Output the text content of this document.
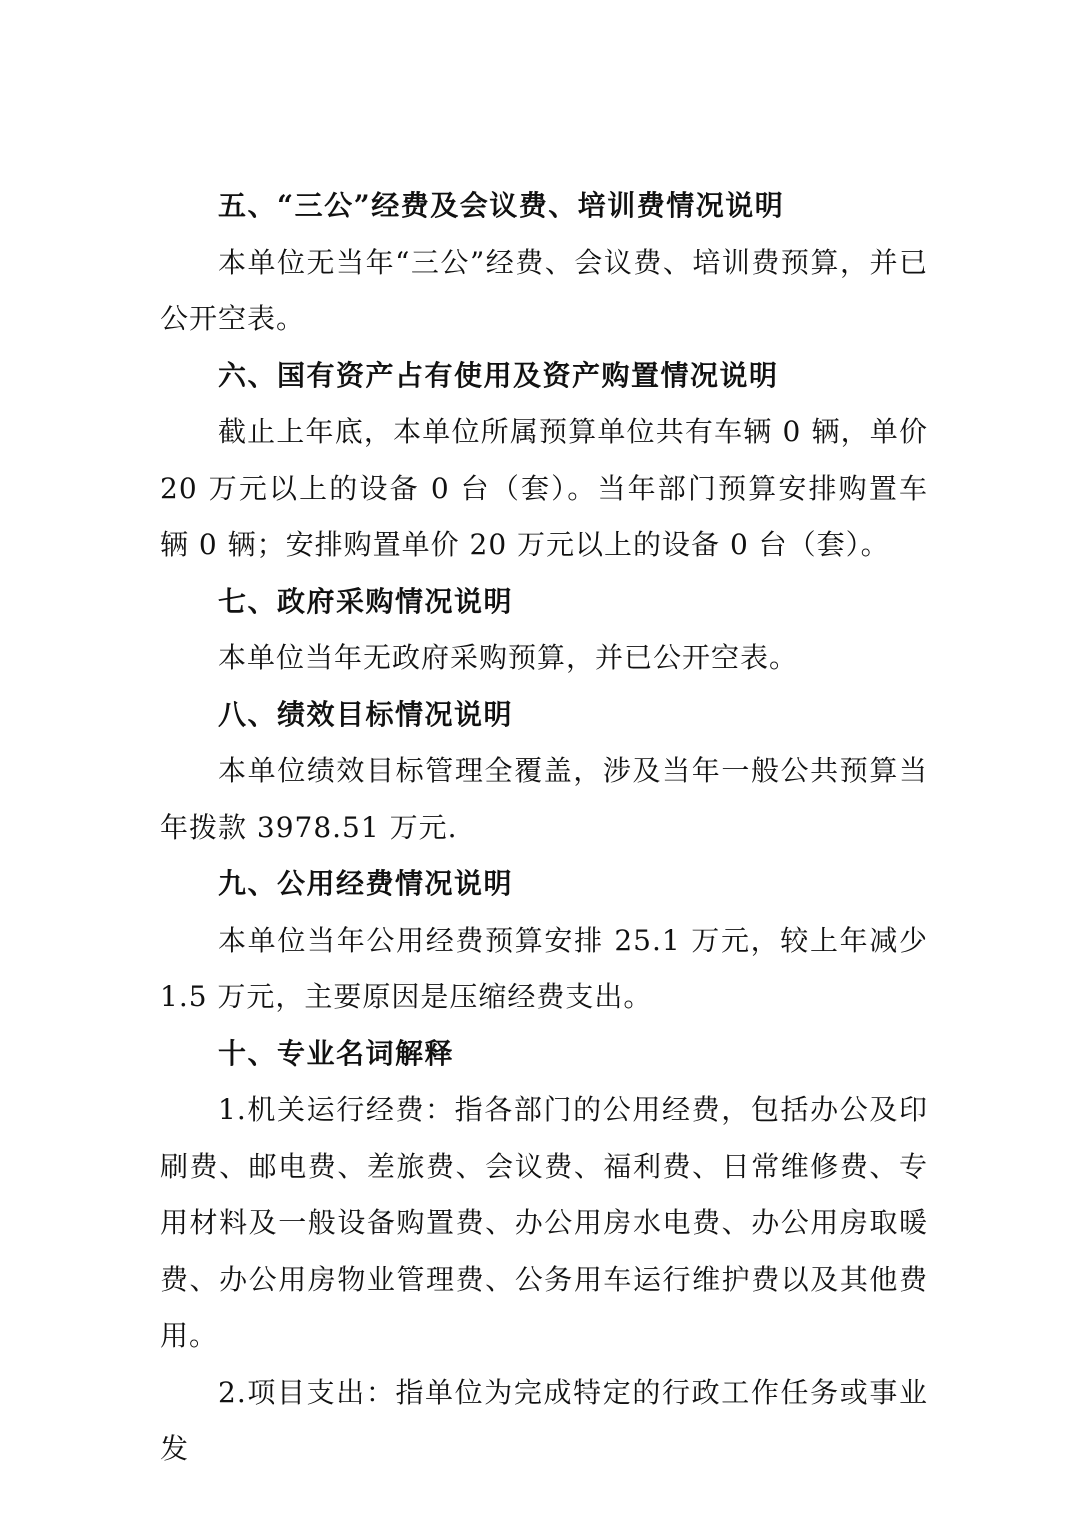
五、“三公”经费及会议费、培训费情况说明

本单位无当年“三公”经费、会议费、培训费预算，并已公开空表。

六、国有资产占有使用及资产购置情况说明

截止上年底，本单位所属预算单位共有车辆 0 辆，单价 20 万元以上的设备 0 台（套）。当年部门预算安排购置车辆 0 辆；安排购置单价 20 万元以上的设备 0 台（套）。

七、政府采购情况说明

本单位当年无政府采购预算，并已公开空表。

八、绩效目标情况说明

本单位绩效目标管理全覆盖，涉及当年一般公共预算当年拨款 3978.51 万元.

九、公用经费情况说明

本单位当年公用经费预算安排 25.1 万元，较上年减少 1.5 万元，主要原因是压缩经费支出。

十、专业名词解释

1.机关运行经费：指各部门的公用经费，包括办公及印刷费、邮电费、差旅费、会议费、福利费、日常维修费、专用材料及一般设备购置费、办公用房水电费、办公用房取暖费、办公用房物业管理费、公务用车运行维护费以及其他费用。

2.项目支出：指单位为完成特定的行政工作任务或事业发
